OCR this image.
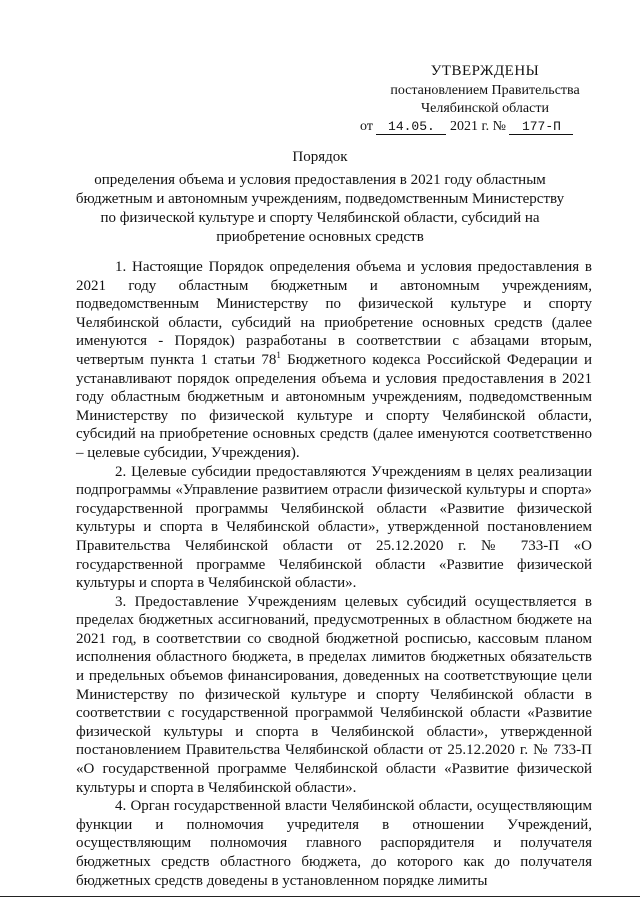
УТВЕРЖДЕНЫ
постановлением Правительства
Челябинской области
от 14.05. 2021 г. № 177-П
Порядок
определения объема и условия предоставления в 2021 году областным бюджетным и автономным учреждениям, подведомственным Министерству по физической культуре и спорту Челябинской области, субсидий на приобретение основных средств

1. Настоящие Порядок определения объема и условия предоставления в 2021 году областным бюджетным и автономным учреждениям, подведомственным Министерству по физической культуре и спорту Челябинской области, субсидий на приобретение основных средств (далее именуются - Порядок) разработаны в соответствии с абзацами вторым, четвертым пункта 1 статьи $78^1$ Бюджетного кодекса Российской Федерации и устанавливают порядок определения объема и условия предоставления в 2021 году областным бюджетным и автономным учреждениям, подведомственным Министерству по физической культуре и спорту Челябинской области, субсидий на приобретение основных средств (далее именуются соответственно – целевые субсидии, Учреждения).

2. Целевые субсидии предоставляются Учреждениям в целях реализации подпрограммы «Управление развитием отрасли физической культуры и спорта» государственной программы Челябинской области «Развитие физической культуры и спорта в Челябинской области», утвержденной постановлением Правительства Челябинской области от 25.12.2020 г. № 733-П «О государственной программе Челябинской области «Развитие физической культуры и спорта в Челябинской области».

3. Предоставление Учреждениям целевых субсидий осуществляется в пределах бюджетных ассигнований, предусмотренных в областном бюджете на 2021 год, в соответствии со сводной бюджетной росписью, кассовым планом исполнения областного бюджета, в пределах лимитов бюджетных обязательств и предельных объемов финансирования, доведенных на соответствующие цели Министерству по физической культуре и спорту Челябинской области в соответствии с государственной программой Челябинской области «Развитие физической культуры и спорта в Челябинской области», утвержденной постановлением Правительства Челябинской области от 25.12.2020 г. № 733-П «О государственной программе Челябинской области «Развитие физической культуры и спорта в Челябинской области».

4. Орган государственной власти Челябинской области, осуществляющим функции и полномочия учредителя в отношении Учреждений, осуществляющим полномочия главного распорядителя и получателя бюджетных средств областного бюджета, до которого как до получателя бюджетных средств доведены в установленном порядке лимиты
